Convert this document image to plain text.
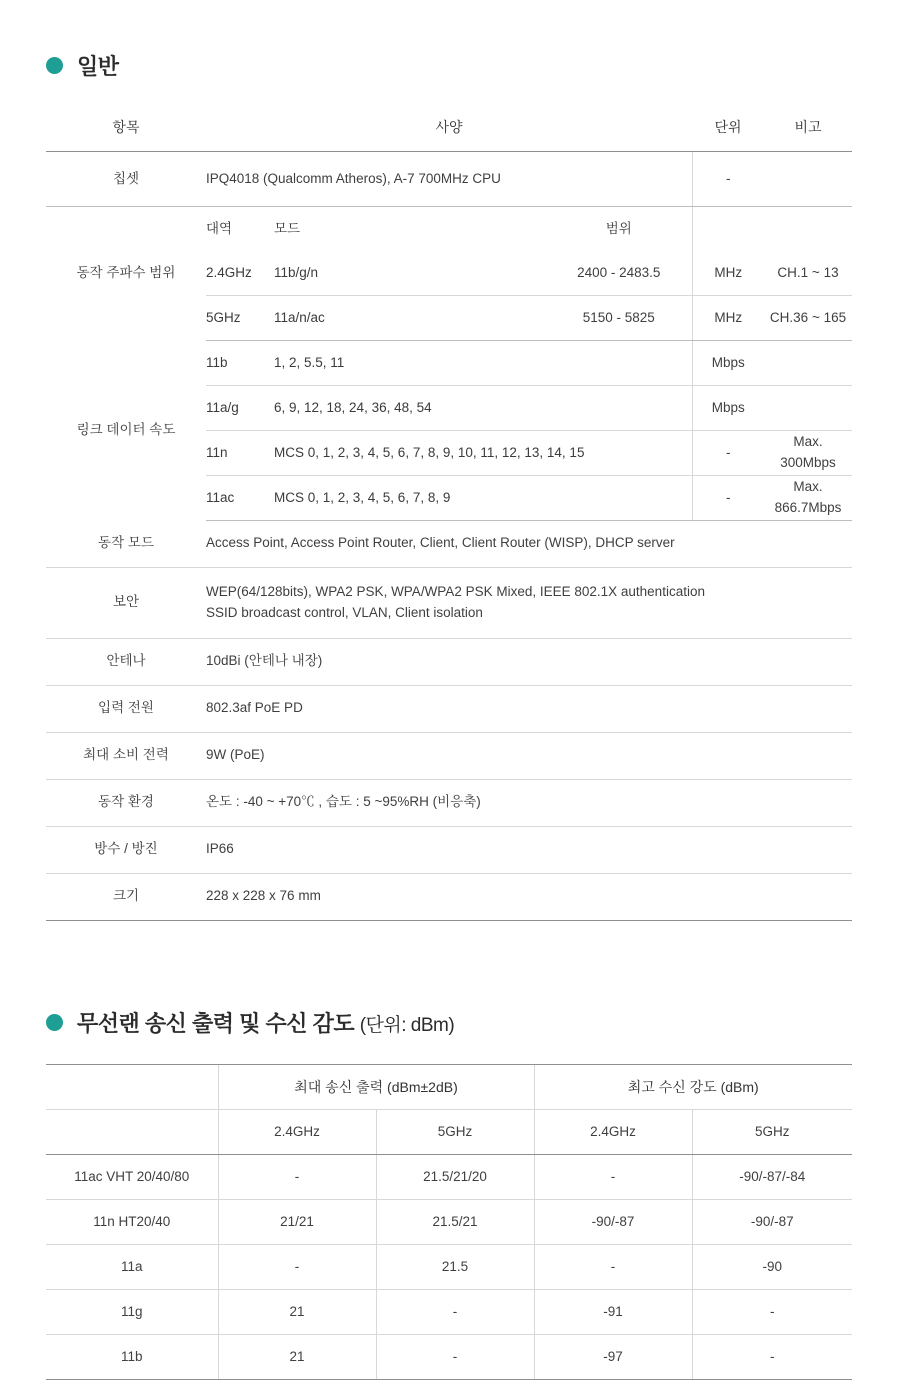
일반
항목	사양			단위	비고
칩셋	IPQ4018 (Qualcomm Atheros), A-7 700MHz CPU			-	
동작 주파수 범위	대역	모드	범위		
	2.4GHz	11b/g/n	2400 - 2483.5	MHz	CH.1 ~ 13
	5GHz	11a/n/ac	5150 - 5825	MHz	CH.36 ~ 165
링크 데이터 속도	11b	1, 2, 5.5, 11		Mbps	
	11a/g	6, 9, 12, 18, 24, 36, 48, 54		Mbps	
	11n	MCS 0, 1, 2, 3, 4, 5, 6, 7, 8, 9, 10, 11, 12, 13, 14, 15		-	Max. 300Mbps
	11ac	MCS 0, 1, 2, 3, 4, 5, 6, 7, 8, 9		-	Max. 866.7Mbps
동작 모드	Access Point, Access Point Router, Client, Client Router (WISP), DHCP server				
보안	WEP(64/128bits), WPA2 PSK, WPA/WPA2 PSK Mixed, IEEE 802.1X authentication
SSID broadcast control, VLAN, Client isolation				

안테나	10dBi (안테나 내장)				
입력 전원	802.3af PoE PD				
최대 소비 전력	9W (PoE)				
동작 환경	온도 : -40 ~ +70℃ , 습도 : 5 ~95%RH (비응축)				
방수 / 방진	IP66				
크기	228 x 228 x 76 mm				
무선랜 송신 출력 및 수신 감도 (단위: dBm)
	최대 송신 출력 (dBm±2dB)		최고 수신 강도 (dBm)	
	2.4GHz	5GHz	2.4GHz	5GHz
11ac VHT 20/40/80	-	21.5/21/20	-	-90/-87/-84
11n HT20/40	21/21	21.5/21	-90/-87	-90/-87
11a	-	21.5	-	-90
11g	21	-	-91	-
11b	21	-	-97	-
